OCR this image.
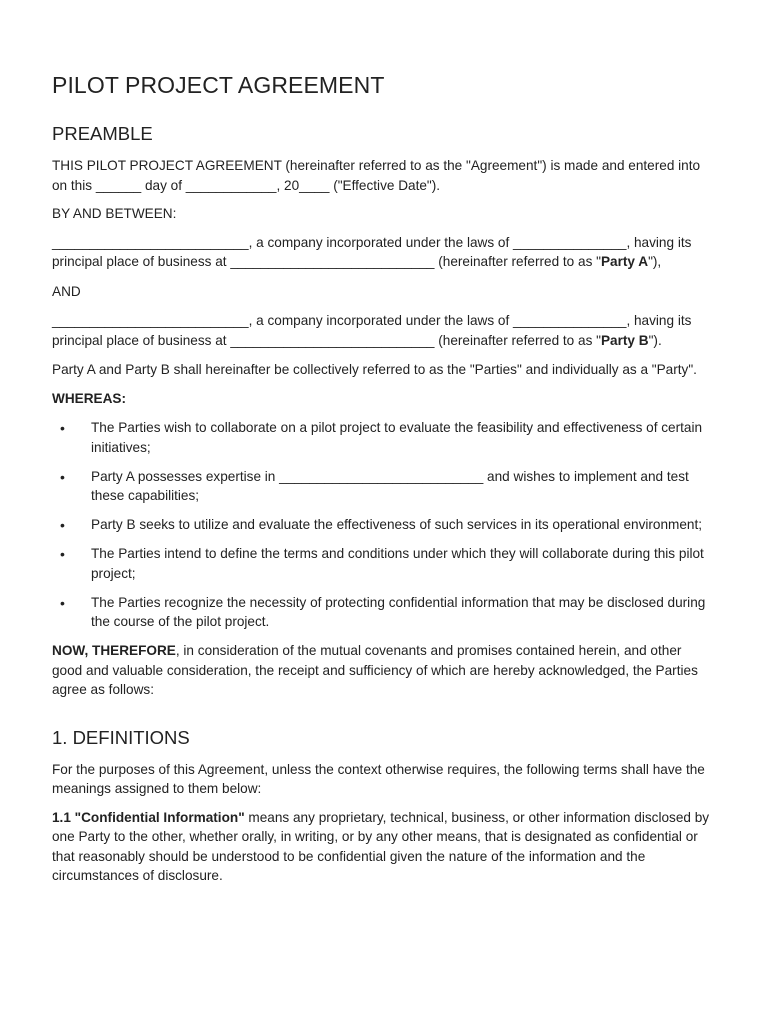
PILOT PROJECT AGREEMENT
PREAMBLE

THIS PILOT PROJECT AGREEMENT (hereinafter referred to as the "Agreement") is made and entered into on this ______ day of ____________, 20____ ("Effective Date").

BY AND BETWEEN:

__________________________, a company incorporated under the laws of _______________, having its principal place of business at ___________________________ (hereinafter referred to as "Party A"),

AND

__________________________, a company incorporated under the laws of _______________, having its principal place of business at ___________________________ (hereinafter referred to as "Party B").

Party A and Party B shall hereinafter be collectively referred to as the "Parties" and individually as a "Party".

WHEREAS:

• The Parties wish to collaborate on a pilot project to evaluate the feasibility and effectiveness of certain initiatives;
• Party A possesses expertise in ___________________________ and wishes to implement and test these capabilities;
• Party B seeks to utilize and evaluate the effectiveness of such services in its operational environment;
• The Parties intend to define the terms and conditions under which they will collaborate during this pilot project;
• The Parties recognize the necessity of protecting confidential information that may be disclosed during the course of the pilot project.

NOW, THEREFORE, in consideration of the mutual covenants and promises contained herein, and other good and valuable consideration, the receipt and sufficiency of which are hereby acknowledged, the Parties agree as follows:

1. DEFINITIONS

For the purposes of this Agreement, unless the context otherwise requires, the following terms shall have the meanings assigned to them below:

1.1 "Confidential Information" means any proprietary, technical, business, or other information disclosed by one Party to the other, whether orally, in writing, or by any other means, that is designated as confidential or that reasonably should be understood to be confidential given the nature of the information and the circumstances of disclosure.
